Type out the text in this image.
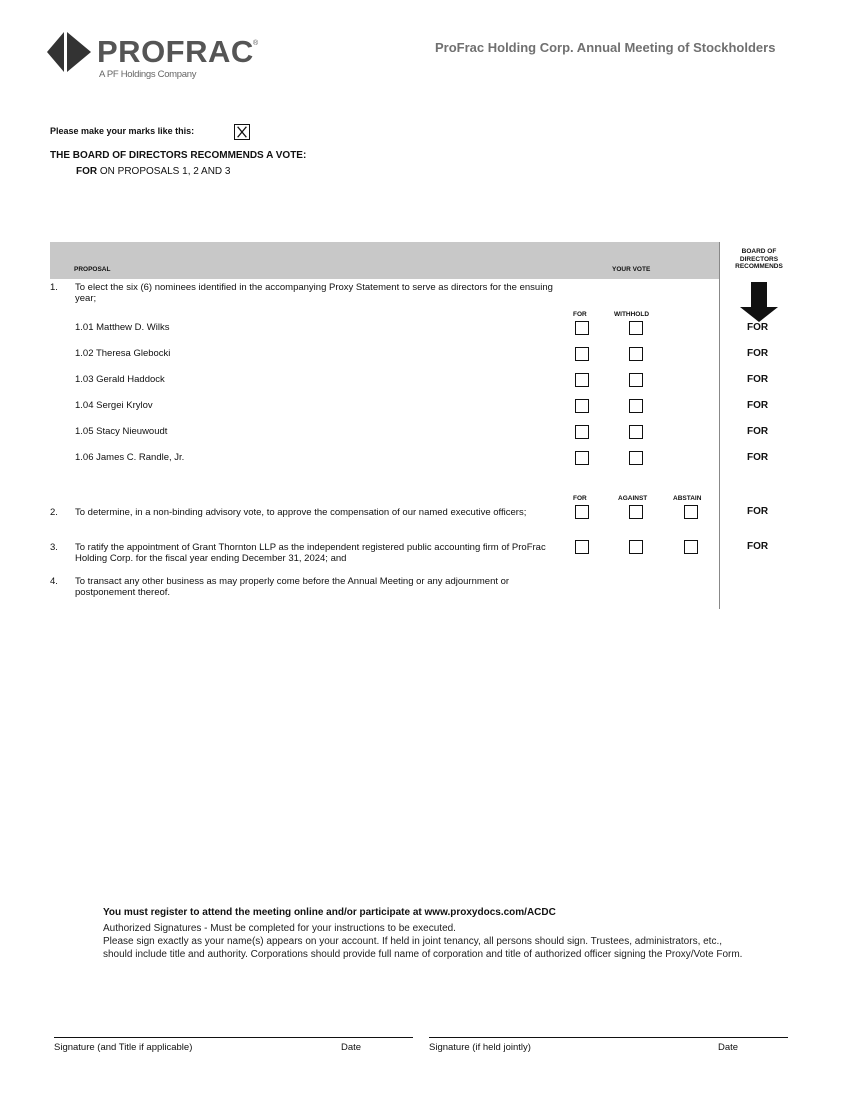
PROFRAC ®
A PF Holdings Company
ProFrac Holding Corp. Annual Meeting of Stockholders
Please make your marks like this:
THE BOARD OF DIRECTORS RECOMMENDS A VOTE:
FOR ON PROPOSALS 1, 2 AND 3
PROPOSAL	YOUR VOTE
BOARD OF DIRECTORS RECOMMENDS
1. To elect the six (6) nominees identified in the accompanying Proxy Statement to serve as directors for the ensuing year;
FOR	WITHHOLD
1.01 Matthew D. Wilks	FOR
1.02 Theresa Glebocki	FOR
1.03 Gerald Haddock	FOR
1.04 Sergei Krylov	FOR
1.05 Stacy Nieuwoudt	FOR
1.06 James C. Randle, Jr.	FOR
FOR	AGAINST	ABSTAIN
2. To determine, in a non-binding advisory vote, to approve the compensation of our named executive officers;	FOR
3. To ratify the appointment of Grant Thornton LLP as the independent registered public accounting firm of ProFrac Holding Corp. for the fiscal year ending December 31, 2024; and
FOR
4. To transact any other business as may properly come before the Annual Meeting or any adjournment or postponement thereof.
You must register to attend the meeting online and/or participate at www.proxydocs.com/ACDC
Authorized Signatures - Must be completed for your instructions to be executed.
Please sign exactly as your name(s) appears on your account. If held in joint tenancy, all persons should sign. Trustees, administrators, etc., should include title and authority. Corporations should provide full name of corporation and title of authorized officer signing the Proxy/Vote Form.
Signature (and Title if applicable)	Date	Signature (if held jointly)	Date
